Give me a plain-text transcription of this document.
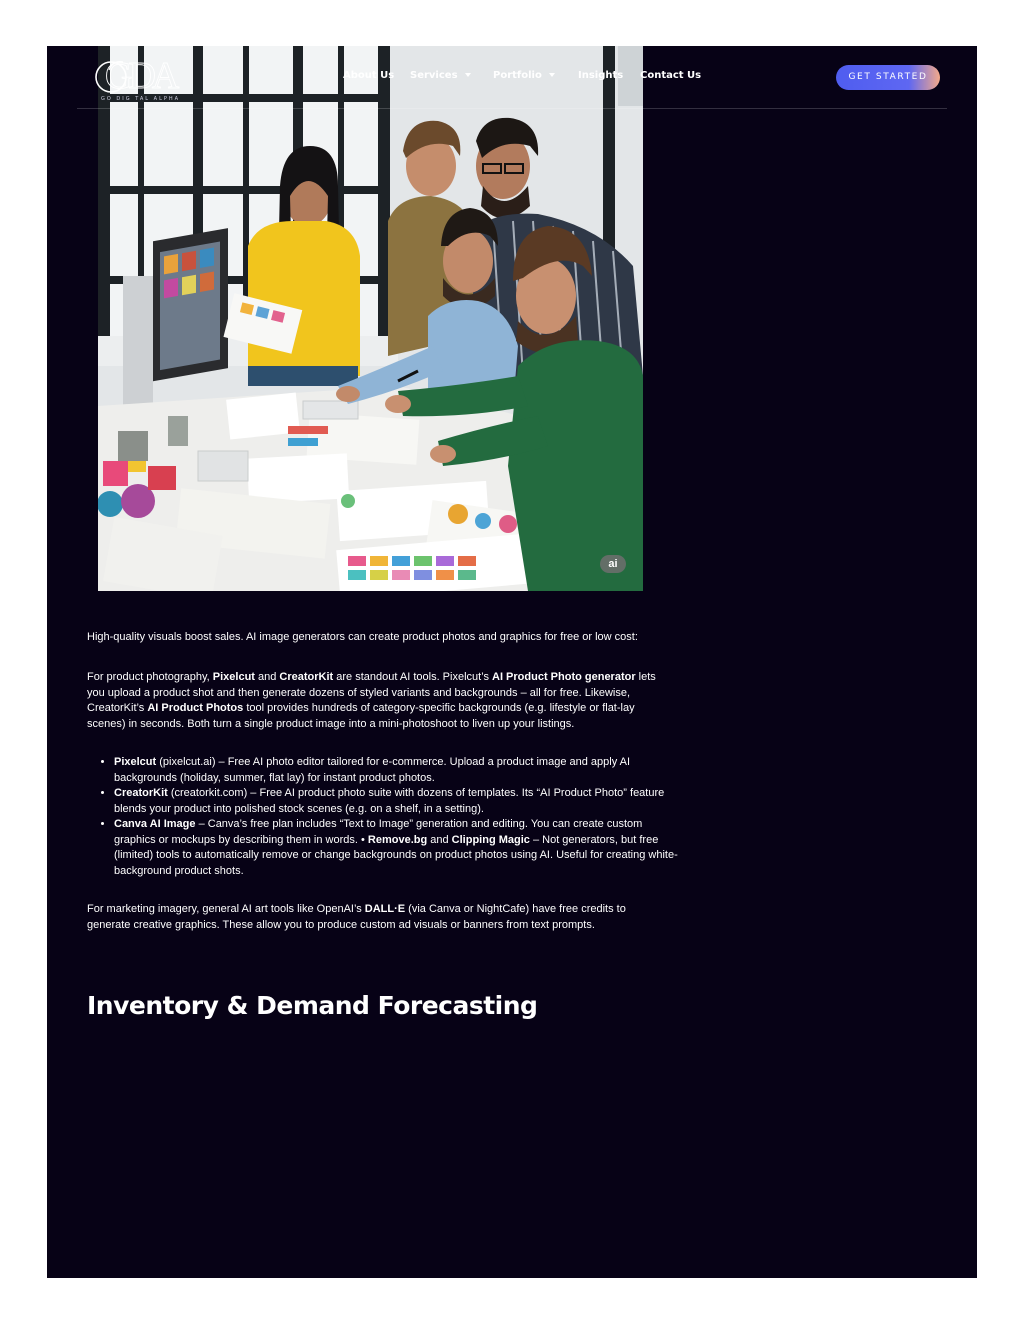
ai
GDA
GO DIG TAL ALPHA
About Us Services	Portfolio	Insights Contact Us	GET STARTED

High-quality visuals boost sales. AI image generators can create product photos and graphics for free or low cost:

For product photography, Pixelcut and CreatorKit are standout AI tools. Pixelcut’s AI Product Photo generator lets you upload a product shot and then generate dozens of styled variants and backgrounds – all for free. Likewise, CreatorKit’s AI Product Photos tool provides hundreds of category-specific backgrounds (e.g. lifestyle or flat-lay scenes) in seconds. Both turn a single product image into a mini-photoshoot to liven up your listings.

• Pixelcut (pixelcut.ai) – Free AI photo editor tailored for e-commerce. Upload a product image and apply AI backgrounds (holiday, summer, flat lay) for instant product photos.
• CreatorKit (creatorkit.com) – Free AI product photo suite with dozens of templates. Its “AI Product Photo” feature blends your product into polished stock scenes (e.g. on a shelf, in a setting).
• Canva AI Image – Canva’s free plan includes “Text to Image” generation and editing. You can create custom graphics or mockups by describing them in words. • Remove.bg and Clipping Magic – Not generators, but free (limited) tools to automatically remove or change backgrounds on product photos using AI. Useful for creating white-background product shots.

For marketing imagery, general AI art tools like OpenAI’s DALL·E (via Canva or NightCafe) have free credits to generate creative graphics. These allow you to produce custom ad visuals or banners from text prompts.

Inventory & Demand Forecasting
